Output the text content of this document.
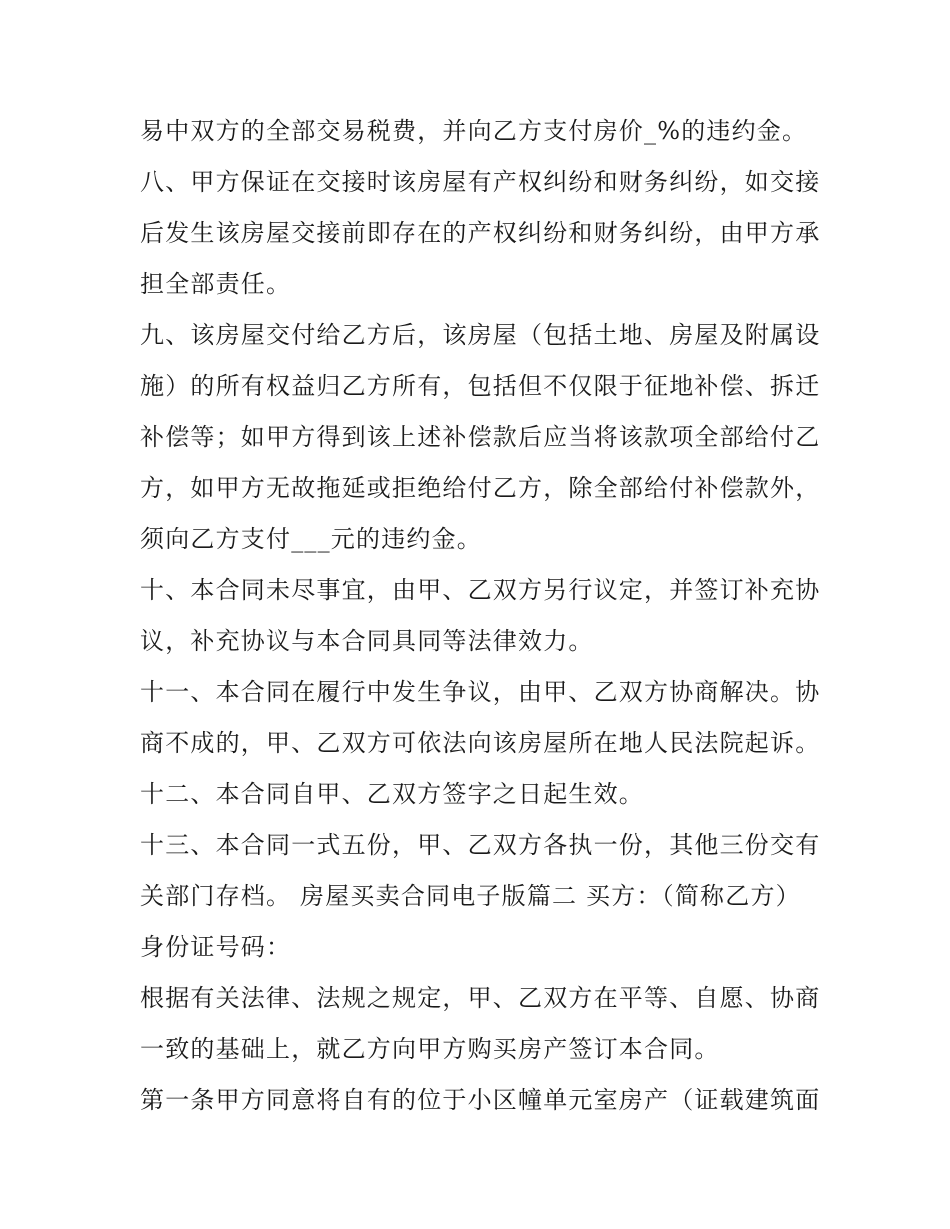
易中双方的全部交易税费，并向乙方支付房价_%的违约金。
八、甲方保证在交接时该房屋有产权纠纷和财务纠纷，如交接
后发生该房屋交接前即存在的产权纠纷和财务纠纷，由甲方承
担全部责任。
九、该房屋交付给乙方后，该房屋（包括土地、房屋及附属设
施）的所有权益归乙方所有，包括但不仅限于征地补偿、拆迁
补偿等；如甲方得到该上述补偿款后应当将该款项全部给付乙
方，如甲方无故拖延或拒绝给付乙方，除全部给付补偿款外，
须向乙方支付___元的违约金。
十、本合同未尽事宜，由甲、乙双方另行议定，并签订补充协
议，补充协议与本合同具同等法律效力。
十一、本合同在履行中发生争议，由甲、乙双方协商解决。协
商不成的，甲、乙双方可依法向该房屋所在地人民法院起诉。
十二、本合同自甲、乙双方签字之日起生效。
十三、本合同一式五份，甲、乙双方各执一份，其他三份交有
关部门存档。 房屋买卖合同电子版篇二 买方：（简称乙方）
身份证号码：
根据有关法律、法规之规定，甲、乙双方在平等、自愿、协商
一致的基础上，就乙方向甲方购买房产签订本合同。
第一条甲方同意将自有的位于小区幢单元室房产（证载建筑面
